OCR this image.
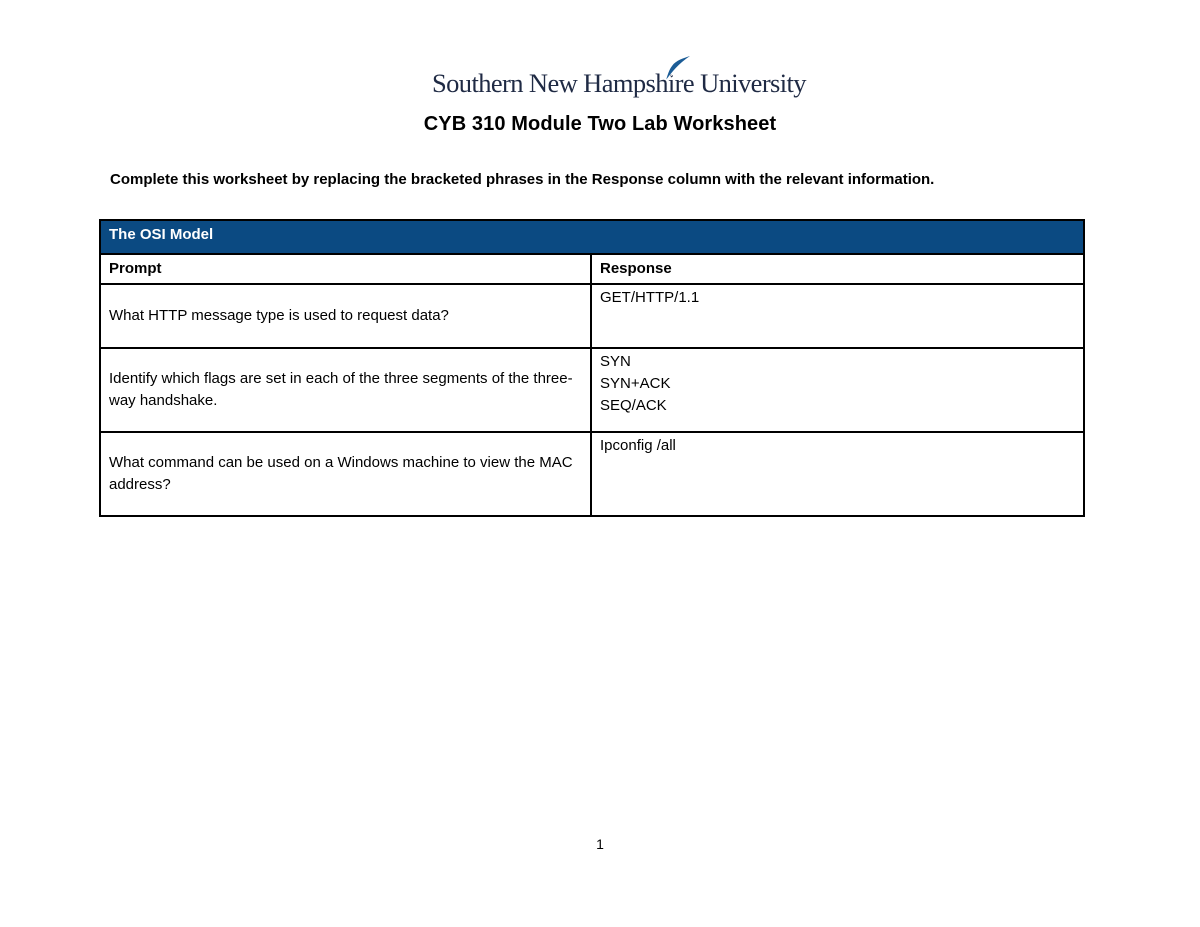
Southern New Hampshire University
CYB 310 Module Two Lab Worksheet
Complete this worksheet by replacing the bracketed phrases in the Response column with the relevant information.
The OSI Model	
Prompt	Response
What HTTP message type is used to request data?	GET/HTTP/1.1

Identify which flags are set in each of the three segments of the three-way handshake.	SYN
SYN+ACK
SEQ/ACK

What command can be used on a Windows machine to view the MAC address?	Ipconfig /all
1
